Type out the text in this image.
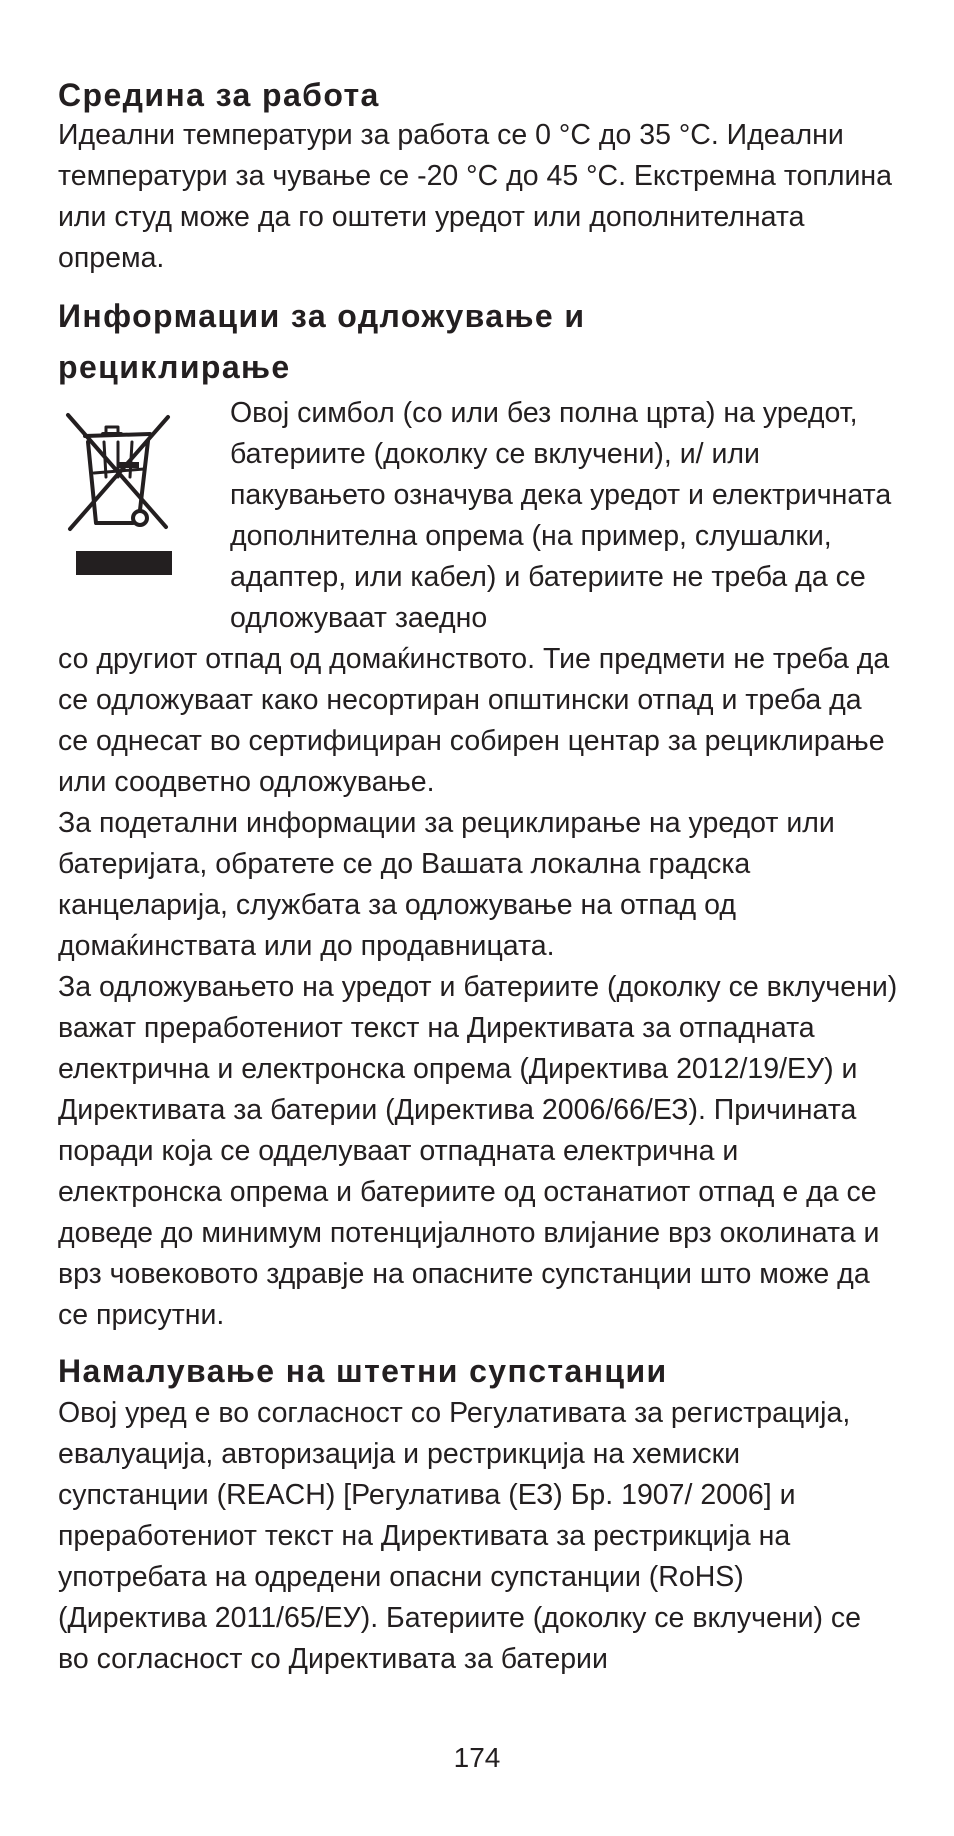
Средина за работа

Идеални температури за работа се 0 °C до 35 °C. Идеални температури за чување се -20 °C до 45 °C. Екстремна топлина или студ може да го оштети уредот или дополнителната опрема.

Информации за одложување и
рециклирање

Овој симбол (со или без полна црта) на уредот, батериите (доколку се вклучени), и/ или пакувањето означува дека уредот и електричната дополнителна опрема (на пример, слушалки, адаптер, или кабел) и батериите не треба да се одложуваат заедно

со другиот отпад од домаќинството. Тие предмети не треба да се одложуваат како несортиран општински отпад и треба да се однесат во сертифициран собирен центар за рециклирање или соодветно одложување.

За подетални информации за рециклирање на уредот или батеријата, обратете се до Вашата локална градска канцеларија, службата за одложување на отпад од домаќинствата или до продавницата.

За одложувањето на уредот и батериите (доколку се вклучени) важат преработениот текст на Директивата за отпадната електрична и електронска опрема (Директива 2012/19/ЕУ) и Директивата за батерии (Директива 2006/66/ЕЗ). Причината поради која се одделуваат отпадната електрична и електронска опрема и батериите од останатиот отпад е да се доведе до минимум потенцијалното влијание врз околината и врз човековото здравје на опасните супстанции што може да се присутни.

Намалување на штетни супстанции

Овој уред е во согласност со Регулативата за регистрација, евалуација, авторизација и рестрикција на хемиски супстанции (REACH) [Регулатива (ЕЗ) Бр. 1907/ 2006] и преработениот текст на Директивата за рестрикција на употребата на одредени опасни супстанции (RoHS) (Директива 2011/65/ЕУ). Батериите (доколку се вклучени) се во согласност со Директивата за батерии

174
